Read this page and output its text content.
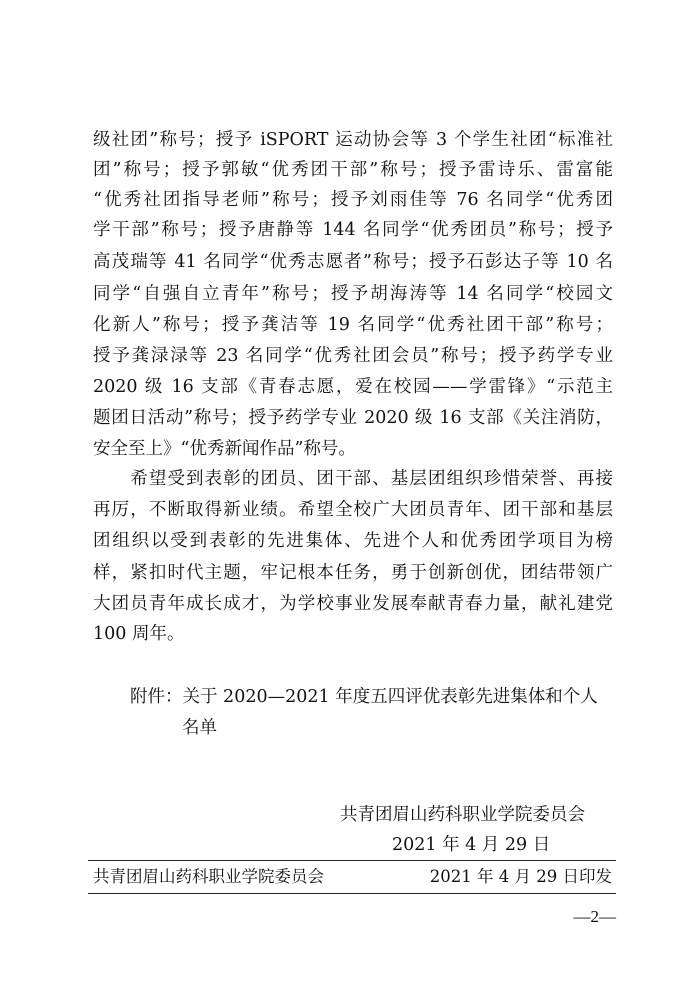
级社团”称号；授予 iSPORT 运动协会等 3 个学生社团“标准社

团”称号；授予郭敏“优秀团干部”称号；授予雷诗乐、雷富能

“优秀社团指导老师”称号；授予刘雨佳等 76 名同学“优秀团

学干部”称号；授予唐静等 144 名同学“优秀团员”称号；授予

高茂瑞等 41 名同学“优秀志愿者”称号；授予石彭达子等 10 名

同学“自强自立青年”称号；授予胡海涛等 14 名同学“校园文

化新人”称号；授予龚洁等 19 名同学“优秀社团干部”称号；

授予龚渌渌等 23 名同学“优秀社团会员”称号；授予药学专业

2020 级 16 支部《青春志愿，爱在校园——学雷锋》“示范主

题团日活动”称号；授予药学专业 2020 级 16 支部《关注消防，

安全至上》“优秀新闻作品”称号。

　　希望受到表彰的团员、团干部、基层团组织珍惜荣誉、再接

再厉，不断取得新业绩。希望全校广大团员青年、团干部和基层

团组织以受到表彰的先进集体、先进个人和优秀团学项目为榜

样，紧扣时代主题，牢记根本任务，勇于创新创优，团结带领广

大团员青年成长成才，为学校事业发展奉献青春力量，献礼建党

100 周年。

附件：关于 2020—2021 年度五四评优表彰先进集体和个人

名单

共青团眉山药科职业学院委员会

2021 年 4 月 29 日

共青团眉山药科职业学院委员会	2021 年 4 月 29 日印发

—2—
